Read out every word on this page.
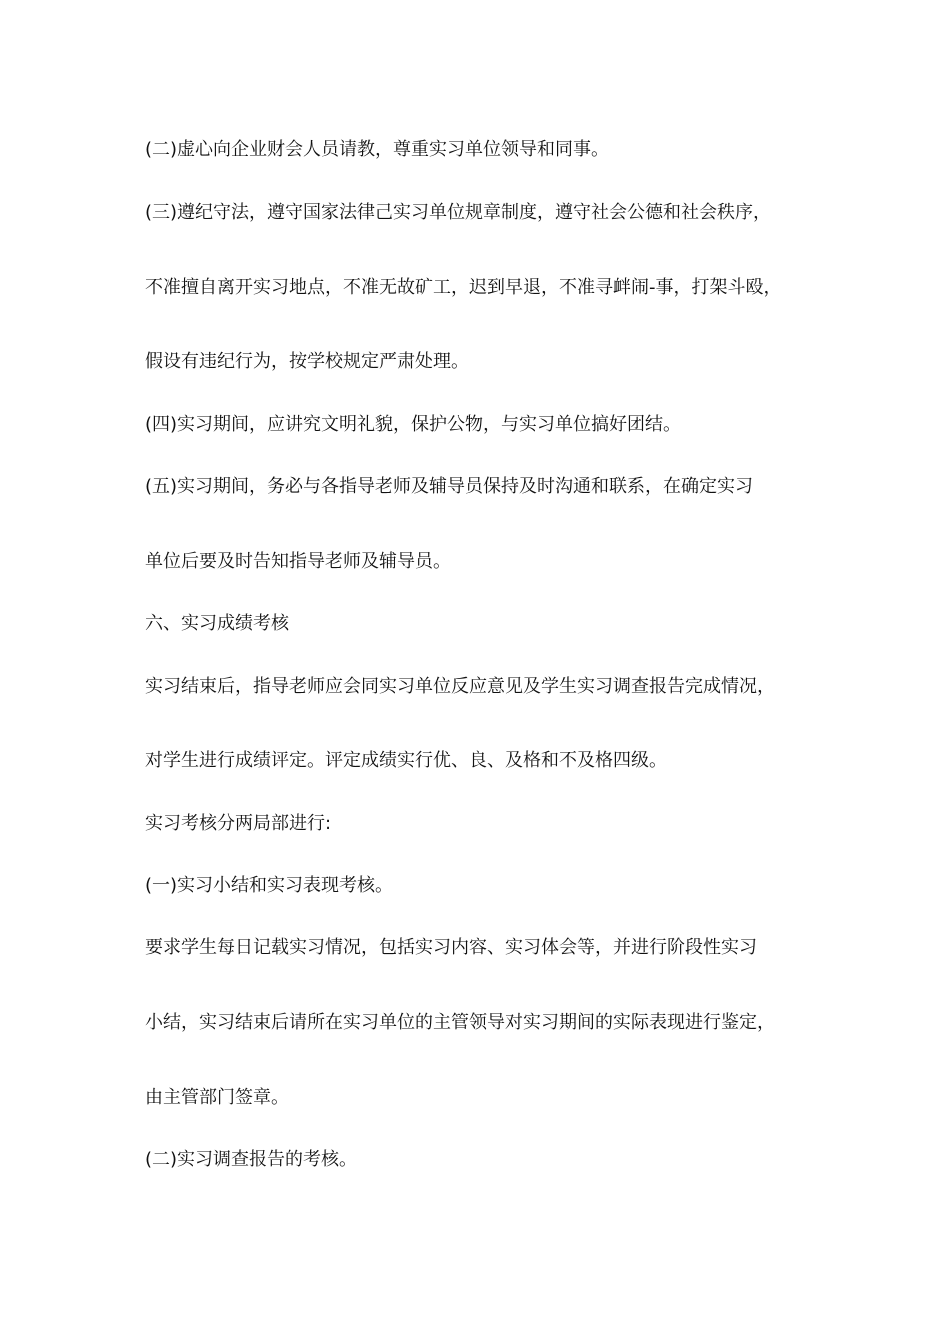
(二)虚心向企业财会人员请教，尊重实习单位领导和同事。

(三)遵纪守法，遵守国家法律己实习单位规章制度，遵守社会公德和社会秩序，

不准擅自离开实习地点，不准无故矿工，迟到早退，不准寻衅闹-事，打架斗殴，

假设有违纪行为，按学校规定严肃处理。

(四)实习期间，应讲究文明礼貌，保护公物，与实习单位搞好团结。

(五)实习期间，务必与各指导老师及辅导员保持及时沟通和联系，在确定实习

单位后要及时告知指导老师及辅导员。

六、实习成绩考核

实习结束后，指导老师应会同实习单位反应意见及学生实习调查报告完成情况，

对学生进行成绩评定。评定成绩实行优、良、及格和不及格四级。

实习考核分两局部进行:

(一)实习小结和实习表现考核。

要求学生每日记载实习情况，包括实习内容、实习体会等，并进行阶段性实习

小结，实习结束后请所在实习单位的主管领导对实习期间的实际表现进行鉴定，

由主管部门签章。

(二)实习调查报告的考核。
